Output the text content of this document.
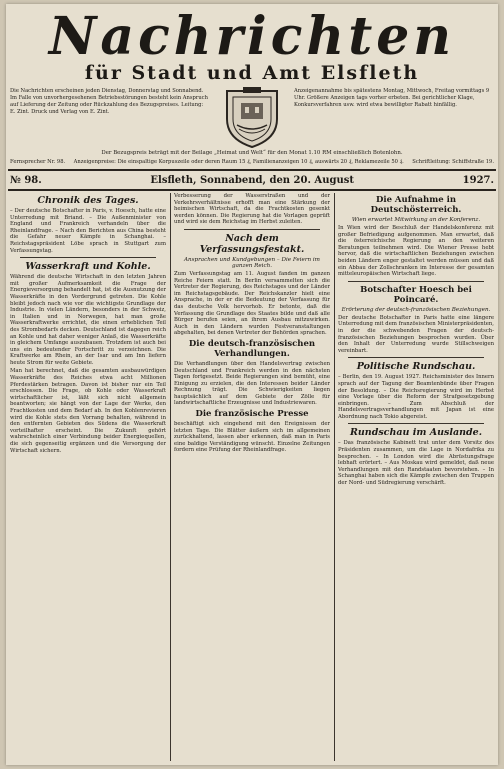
Nachrichten
für Stadt und Amt Elsfleth
Die Nachrichten erscheinen jeden Dienstag, Donnerstag und Sonnabend. Im Falle von unvorhergesehenen Betriebsstörungen besteht kein Anspruch auf Lieferung der Zeitung oder Rückzahlung des Bezugspreises. Leitung: E. Zint. Druck und Verlag von E. Zint.
Anzeigenannahme bis spätestens Montag, Mittwoch, Freitag vormittags 9 Uhr. Größere Anzeigen tags vorher erbeten. Bei gerichtlicher Klage, Konkursverfahren usw. wird etwa bewilligter Rabatt hinfällig.
Der Bezugspreis beträgt mit der Beilage „Heimat und Welt“ für den Monat 1.10 RM einschließlich Botenlohn.
Fernsprecher Nr. 98.	Anzeigenpreise: Die einspaltige Korpuszeile oder deren Raum 15 ₰, Familienanzeigen 10 ₰, auswärts 20 ₰, Reklamezeile 50 ₰.	Schriftleitung: Schiffstraße 19.
№ 98.	Elsfleth, Sonnabend, den 20. August	1927.
Chronik des Tages.
– Der deutsche Botschafter in Paris, v. Hoesch, hatte eine Unterredung mit Briand. – Die Außenminister von England und Frankreich verhandeln über die Rheinlandfrage. – Nach den Berichten aus China besteht die Gefahr neuer Kämpfe in Schanghai. – Reichstagspräsident Löbe sprach in Stuttgart zum Verfassungstag.
Wasserkraft und Kohle.
Während die deutsche Wirtschaft in den letzten Jahren mit großer Aufmerksamkeit die Frage der Energieversorgung behandelt hat, ist die Ausnutzung der Wasserkräfte in den Vordergrund getreten. Die Kohle bleibt jedoch nach wie vor die wichtigste Grundlage der Industrie. In vielen Ländern, besonders in der Schweiz, in Italien und in Norwegen, hat man große Wasserkraftwerke errichtet, die einen erheblichen Teil des Strombedarfs decken. Deutschland ist dagegen reich an Kohle und hat daher weniger Anlaß, die Wasserkräfte in gleichem Umfange auszubauen. Trotzdem ist auch bei uns ein bedeutender Fortschritt zu verzeichnen. Die Kraftwerke am Rhein, an der Isar und am Inn liefern heute Strom für weite Gebiete.
Man hat berechnet, daß die gesamten ausbauwürdigen Wasserkräfte des Reiches etwa acht Millionen Pferdestärken betragen. Davon ist bisher nur ein Teil erschlossen. Die Frage, ob Kohle oder Wasserkraft wirtschaftlicher ist, läßt sich nicht allgemein beantworten; sie hängt von der Lage der Werke, den Frachtkosten und dem Bedarf ab. In den Kohlenrevieren wird die Kohle stets den Vorrang behalten, während in den entfernten Gebieten des Südens die Wasserkraft vorteilhafter erscheint. Die Zukunft gehört wahrscheinlich einer Verbindung beider Energiequellen, die sich gegenseitig ergänzen und die Versorgung der Wirtschaft sichern.
Verbesserung der Wasserstraßen und der Verkehrsverhältnisse erhofft man eine Stärkung der heimischen Wirtschaft, da die Frachtkosten gesenkt werden können. Die Regierung hat die Vorlagen geprüft und wird sie dem Reichstag im Herbst zuleiten.
Nach dem Verfassungsfestakt.
Ansprachen und Kundgebungen – Die Feiern im ganzen Reich.
Zum Verfassungstag am 11. August fanden im ganzen Reiche Feiern statt. In Berlin versammelten sich die Vertreter der Regierung, des Reichstages und der Länder im Reichstagsgebäude. Der Reichskanzler hielt eine Ansprache, in der er die Bedeutung der Verfassung für das deutsche Volk hervorhob. Er betonte, daß die Verfassung die Grundlage des Staates bilde und daß alle Bürger berufen seien, an ihrem Ausbau mitzuwirken. Auch in den Ländern wurden Festveranstaltungen abgehalten, bei denen Vertreter der Behörden sprachen.
Die deutsch-französischen Verhandlungen.
Die Verhandlungen über den Handelsvertrag zwischen Deutschland und Frankreich werden in den nächsten Tagen fortgesetzt. Beide Regierungen sind bemüht, eine Einigung zu erzielen, die den Interessen beider Länder Rechnung trägt. Die Schwierigkeiten liegen hauptsächlich auf dem Gebiete der Zölle für landwirtschaftliche Erzeugnisse und Industriewaren.
Die französische Presse
beschäftigt sich eingehend mit den Ereignissen der letzten Tage. Die Blätter äußern sich im allgemeinen zurückhaltend, lassen aber erkennen, daß man in Paris eine baldige Verständigung wünscht. Einzelne Zeitungen fordern eine Prüfung der Rheinlandfrage.
Die Aufnahme in Deutschösterreich.
Wien erwartet Mitwirkung an der Konferenz.
In Wien wird der Beschluß der Handelskonferenz mit großer Befriedigung aufgenommen. Man erwartet, daß die österreichische Regierung an den weiteren Beratungen teilnehmen wird. Die Wiener Presse hebt hervor, daß die wirtschaftlichen Beziehungen zwischen beiden Ländern enger gestaltet werden müssen und daß ein Abbau der Zollschranken im Interesse der gesamten mitteleuropäischen Wirtschaft liege.
Botschafter Hoesch bei Poincaré.
Erörterung der deutsch-französischen Beziehungen.
Der deutsche Botschafter in Paris hatte eine längere Unterredung mit dem französischen Ministerpräsidenten, in der die schwebenden Fragen der deutsch-französischen Beziehungen besprochen wurden. Über den Inhalt der Unterredung wurde Stillschweigen vereinbart.
Politische Rundschau.
– Berlin, den 19. August 1927. Reichsminister des Innern sprach auf der Tagung der Beamtenbünde über Fragen der Besoldung. – Die Reichsregierung wird im Herbst eine Vorlage über die Reform der Strafgesetzgebung einbringen. – Zum Abschluß der Handelsvertragsverhandlungen mit Japan ist eine Abordnung nach Tokio abgereist.
Rundschau im Auslande.
– Das französische Kabinett trat unter dem Vorsitz des Präsidenten zusammen, um die Lage in Nordafrika zu besprechen. – In London wird die Abrüstungsfrage lebhaft erörtert. – Aus Moskau wird gemeldet, daß neue Verhandlungen mit den Randstaaten bevorstehen. – In Schanghai haben sich die Kämpfe zwischen den Truppen der Nord- und Südregierung verschärft.
